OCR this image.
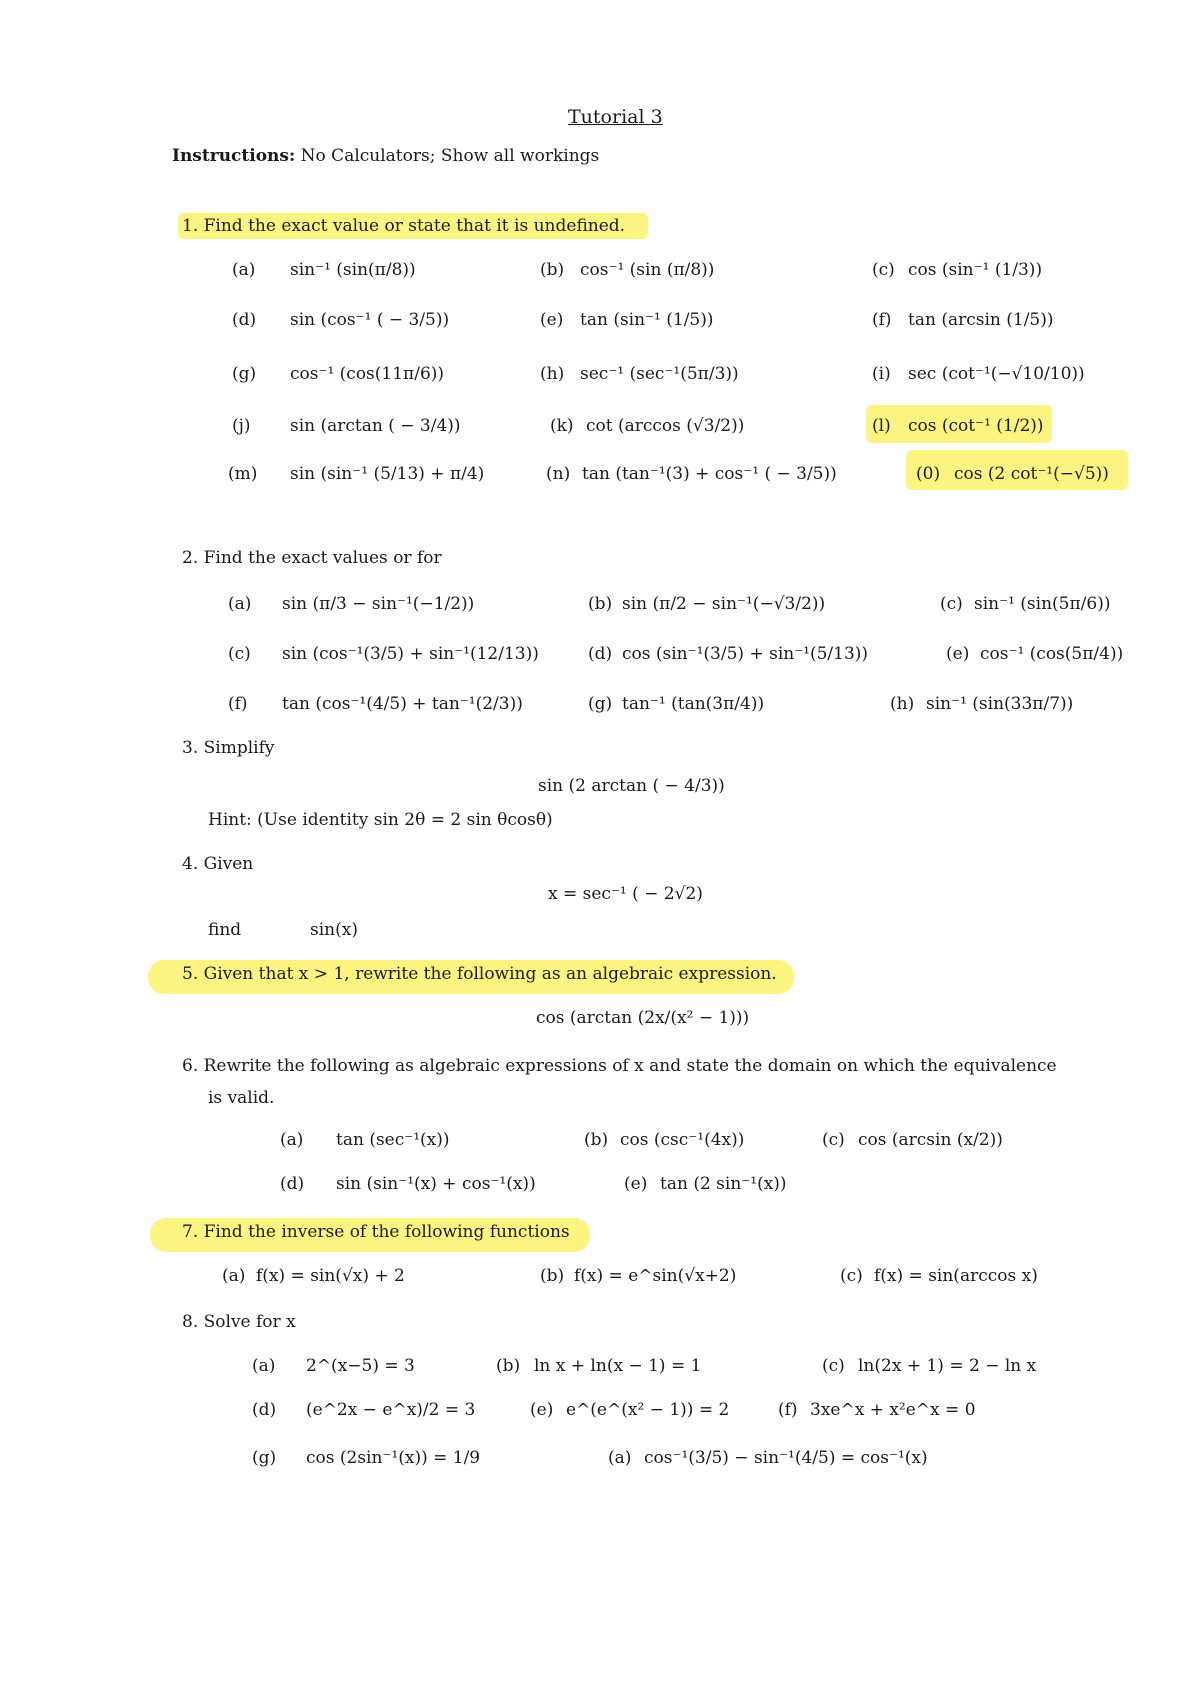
Tutorial 3
Instructions: No Calculators; Show all workings
1. Find the exact value or state that it is undefined.
(a) sin⁻¹ (sin(π/8))	(b) cos⁻¹ (sin (π/8))	(c) cos (sin⁻¹ (1/3))
(d) sin (cos⁻¹ ( − 3/5))	(e) tan (sin⁻¹ (1/5))	(f) tan (arcsin (1/5))
(g) cos⁻¹ (cos(11π/6))	(h) sec⁻¹ (sec⁻¹(5π/3))	(i) sec (cot⁻¹(−√10/10))
(j) sin (arctan ( − 3/4))	(k) cot (arccos (√3/2))	(l) cos (cot⁻¹ (1/2))
(m) sin (sin⁻¹ (5/13) + π/4)	(n) tan (tan⁻¹(3) + cos⁻¹ ( − 3/5))	(0) cos (2 cot⁻¹(−√5))
2. Find the exact values or for
(a) sin (π/3 − sin⁻¹(−1/2))	(b) sin (π/2 − sin⁻¹(−√3/2))	(c) sin⁻¹ (sin(5π/6))
(c) sin (cos⁻¹(3/5) + sin⁻¹(12/13))	(d) cos (sin⁻¹(3/5) + sin⁻¹(5/13))	(e) cos⁻¹ (cos(5π/4))
(f) tan (cos⁻¹(4/5) + tan⁻¹(2/3))	(g) tan⁻¹ (tan(3π/4))	(h) sin⁻¹ (sin(33π/7))
3. Simplify
sin (2 arctan ( − 4/3))
Hint: (Use identity sin 2θ = 2 sin θcosθ)
4. Given
x = sec⁻¹ ( − 2√2)
find	sin(x)
5. Given that x > 1, rewrite the following as an algebraic expression.
cos (arctan (2x/(x² − 1)))
6. Rewrite the following as algebraic expressions of x and state the domain on which the equivalence
is valid.
(a) tan (sec⁻¹(x))	(b) cos (csc⁻¹(4x))	(c) cos (arcsin (x/2))
(d) sin (sin⁻¹(x) + cos⁻¹(x))	(e) tan (2 sin⁻¹(x))
7. Find the inverse of the following functions
(a) f(x) = sin(√x) + 2	(b) f(x) = e^sin(√x+2)	(c) f(x) = sin(arccos x)
8. Solve for x
(a) 2^(x−5) = 3	(b) ln x + ln(x − 1) = 1	(c) ln(2x + 1) = 2 − ln x
(d) (e^2x − e^x)/2 = 3	(e) e^(e^(x² − 1)) = 2	(f) 3xe^x + x²e^x = 0
(g) cos (2sin⁻¹(x)) = 1/9	(a) cos⁻¹(3/5) − sin⁻¹(4/5) = cos⁻¹(x)
